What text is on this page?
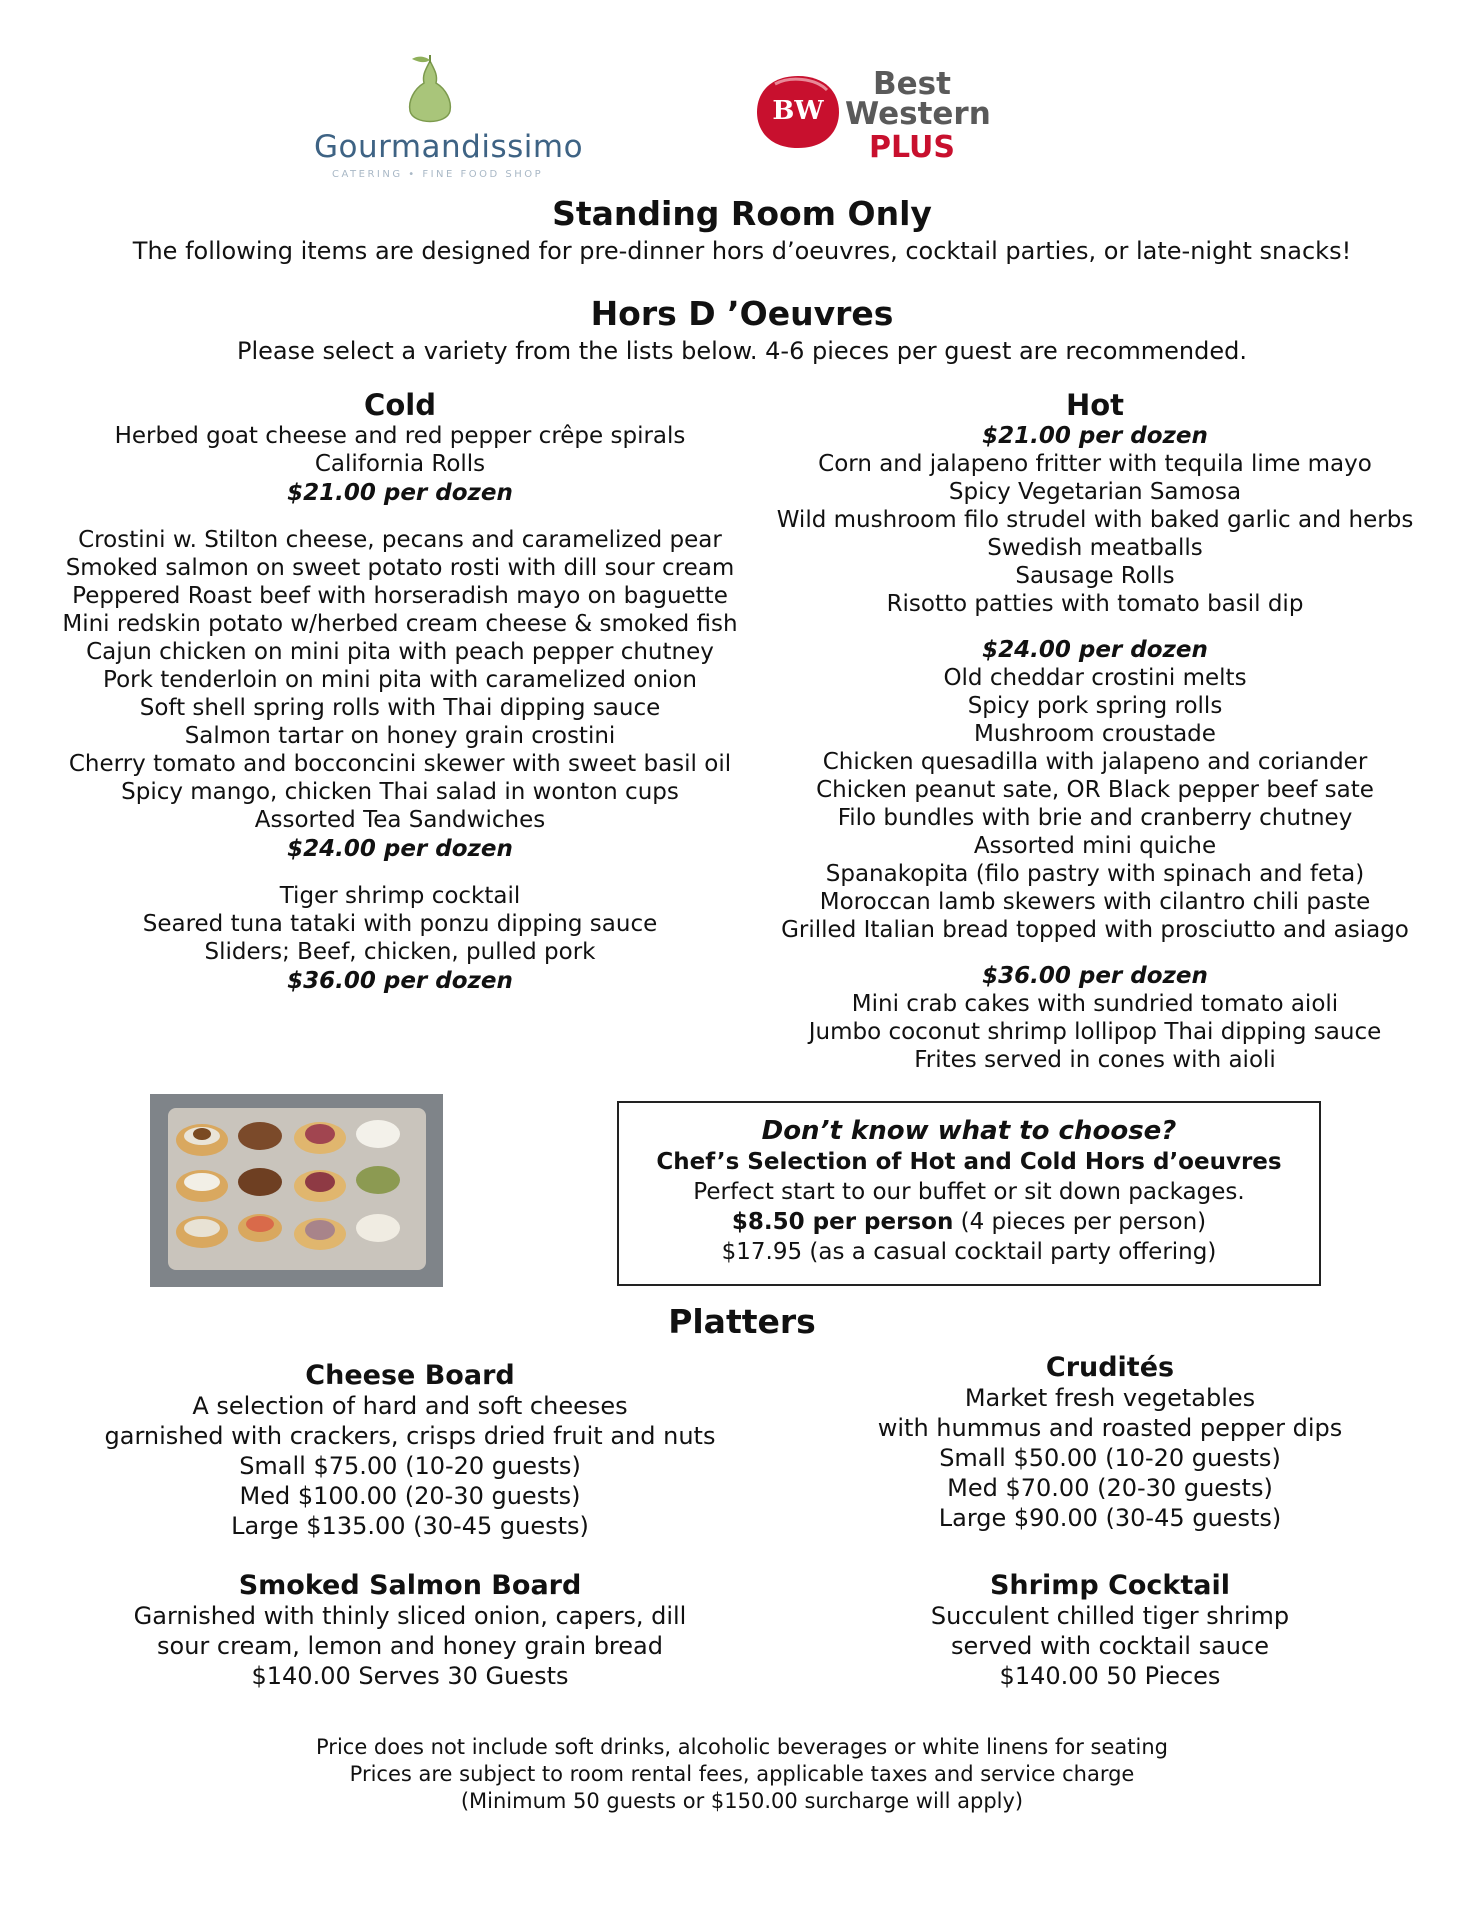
Gourmandissimo
CATERING • FINE FOOD SHOP
BW
Best
Western
PLUS
Standing Room Only
The following items are designed for pre-dinner hors d’oeuvres, cocktail parties, or late-night snacks!
Hors D ’Oeuvres
Please select a variety from the lists below. 4-6 pieces per guest are recommended.
Cold
Herbed goat cheese and red pepper crêpe spirals
California Rolls
$21.00 per dozen
Crostini w. Stilton cheese, pecans and caramelized pear
Smoked salmon on sweet potato rosti with dill sour cream
Peppered Roast beef with horseradish mayo on baguette
Mini redskin potato w/herbed cream cheese & smoked fish
Cajun chicken on mini pita with peach pepper chutney
Pork tenderloin on mini pita with caramelized onion
Soft shell spring rolls with Thai dipping sauce
Salmon tartar on honey grain crostini
Cherry tomato and bocconcini skewer with sweet basil oil
Spicy mango, chicken Thai salad in wonton cups
Assorted Tea Sandwiches
$24.00 per dozen
Tiger shrimp cocktail
Seared tuna tataki with ponzu dipping sauce
Sliders; Beef, chicken, pulled pork
$36.00 per dozen
Hot
$21.00 per dozen
Corn and jalapeno fritter with tequila lime mayo
Spicy Vegetarian Samosa
Wild mushroom filo strudel with baked garlic and herbs
Swedish meatballs
Sausage Rolls
Risotto patties with tomato basil dip
$24.00 per dozen
Old cheddar crostini melts
Spicy pork spring rolls
Mushroom croustade
Chicken quesadilla with jalapeno and coriander
Chicken peanut sate, OR Black pepper beef sate
Filo bundles with brie and cranberry chutney
Assorted mini quiche
Spanakopita (filo pastry with spinach and feta)
Moroccan lamb skewers with cilantro chili paste
Grilled Italian bread topped with prosciutto and asiago
$36.00 per dozen
Mini crab cakes with sundried tomato aioli
Jumbo coconut shrimp lollipop Thai dipping sauce
Frites served in cones with aioli
Don’t know what to choose?
Chef’s Selection of Hot and Cold Hors d’oeuvres
Perfect start to our buffet or sit down packages.
$8.50 per person (4 pieces per person)
$17.95 (as a casual cocktail party offering)
Platters
Cheese Board
A selection of hard and soft cheeses
garnished with crackers, crisps dried fruit and nuts
Small $75.00 (10-20 guests)
Med $100.00 (20-30 guests)
Large $135.00 (30-45 guests)
Crudités
Market fresh vegetables
with hummus and roasted pepper dips
Small $50.00 (10-20 guests)
Med $70.00 (20-30 guests)
Large $90.00 (30-45 guests)
Smoked Salmon Board
Garnished with thinly sliced onion, capers, dill
sour cream, lemon and honey grain bread
$140.00 Serves 30 Guests
Shrimp Cocktail
Succulent chilled tiger shrimp
served with cocktail sauce
$140.00 50 Pieces
Price does not include soft drinks, alcoholic beverages or white linens for seating
Prices are subject to room rental fees, applicable taxes and service charge
(Minimum 50 guests or $150.00 surcharge will apply)
